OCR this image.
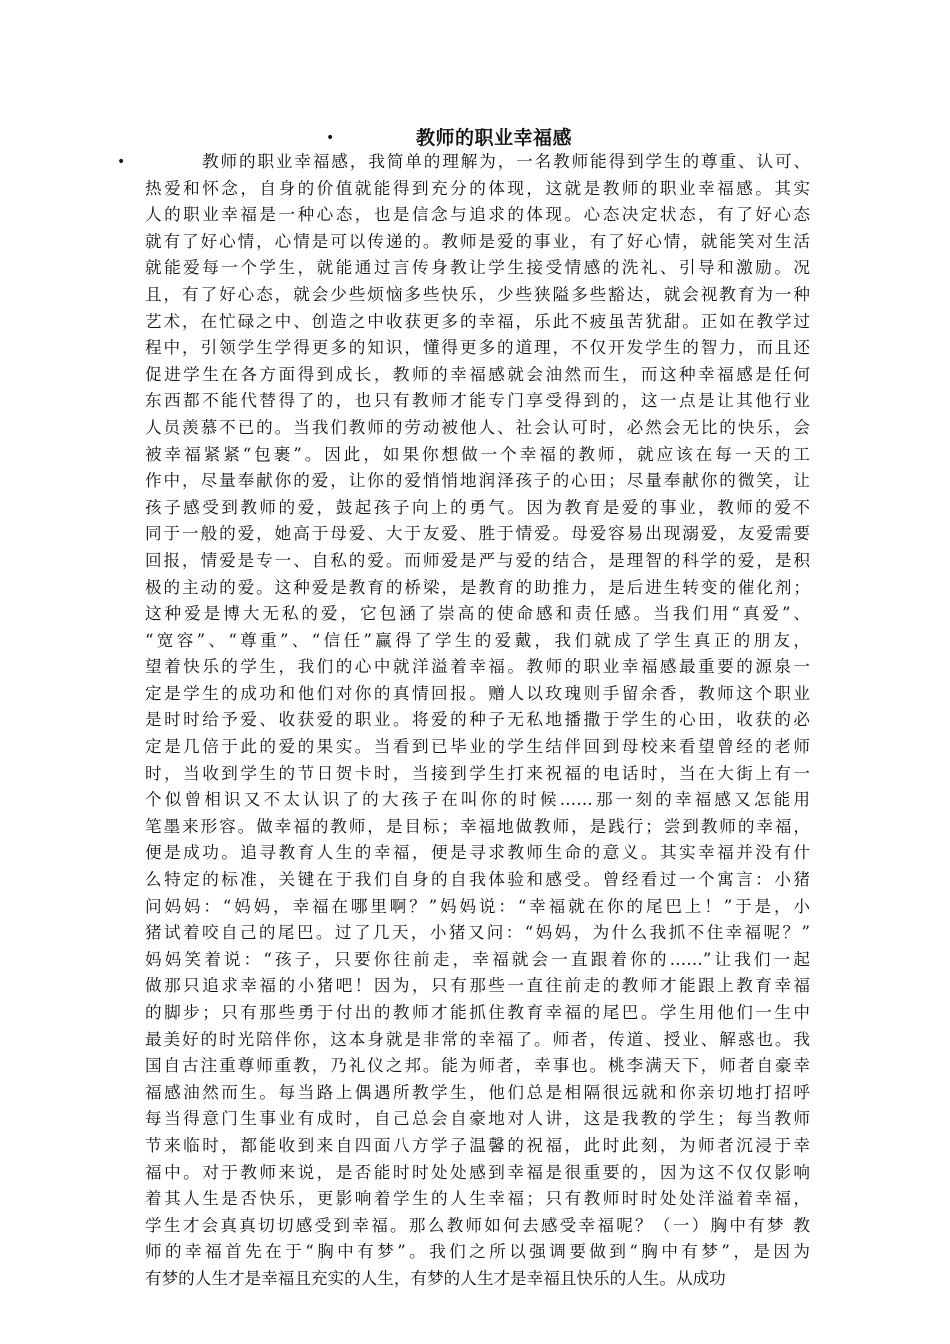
•	教师的职业幸福感
•	教师的职业幸福感，我简单的理解为，一名教师能得到学生的尊重、认可、
热爱和怀念，自身的价值就能得到充分的体现，这就是教师的职业幸福感。其实
人的职业幸福是一种心态，也是信念与追求的体现。心态决定状态，有了好心态
就有了好心情，心情是可以传递的。教师是爱的事业，有了好心情，就能笑对生活
就能爱每一个学生，就能通过言传身教让学生接受情感的洗礼、引导和激励。况
且，有了好心态，就会少些烦恼多些快乐，少些狭隘多些豁达，就会视教育为一种
艺术，在忙碌之中、创造之中收获更多的幸福，乐此不疲虽苦犹甜。正如在教学过
程中，引领学生学得更多的知识，懂得更多的道理，不仅开发学生的智力，而且还
促进学生在各方面得到成长，教师的幸福感就会油然而生，而这种幸福感是任何
东西都不能代替得了的，也只有教师才能专门享受得到的，这一点是让其他行业
人员羡慕不已的。当我们教师的劳动被他人、社会认可时，必然会无比的快乐，会
被幸福紧紧“包裹”。因此，如果你想做一个幸福的教师，就应该在每一天的工
作中，尽量奉献你的爱，让你的爱悄悄地润泽孩子的心田；尽量奉献你的微笑，让
孩子感受到教师的爱，鼓起孩子向上的勇气。因为教育是爱的事业，教师的爱不
同于一般的爱，她高于母爱、大于友爱、胜于情爱。母爱容易出现溺爱，友爱需要
回报，情爱是专一、自私的爱。而师爱是严与爱的结合，是理智的科学的爱，是积
极的主动的爱。这种爱是教育的桥梁，是教育的助推力，是后进生转变的催化剂；
这种爱是博大无私的爱，它包涵了崇高的使命感和责任感。当我们用“真爱”、
“宽容”、“尊重”、“信任”赢得了学生的爱戴，我们就成了学生真正的朋友，
望着快乐的学生，我们的心中就洋溢着幸福。教师的职业幸福感最重要的源泉一
定是学生的成功和他们对你的真情回报。赠人以玫瑰则手留余香，教师这个职业
是时时给予爱、收获爱的职业。将爱的种子无私地播撒于学生的心田，收获的必
定是几倍于此的爱的果实。当看到已毕业的学生结伴回到母校来看望曾经的老师
时，当收到学生的节日贺卡时，当接到学生打来祝福的电话时，当在大街上有一
个似曾相识又不太认识了的大孩子在叫你的时候……那一刻的幸福感又怎能用
笔墨来形容。做幸福的教师，是目标；幸福地做教师，是践行；尝到教师的幸福，
便是成功。追寻教育人生的幸福，便是寻求教师生命的意义。其实幸福并没有什
么特定的标准，关键在于我们自身的自我体验和感受。曾经看过一个寓言：小猪
问妈妈：“妈妈，幸福在哪里啊？”妈妈说：“幸福就在你的尾巴上！”于是，小
猪试着咬自己的尾巴。过了几天，小猪又问：“妈妈，为什么我抓不住幸福呢？”
妈妈笑着说：“孩子，只要你往前走，幸福就会一直跟着你的……”让我们一起
做那只追求幸福的小猪吧！因为，只有那些一直往前走的教师才能跟上教育幸福
的脚步；只有那些勇于付出的教师才能抓住教育幸福的尾巴。学生用他们一生中
最美好的时光陪伴你，这本身就是非常的幸福了。师者，传道、授业、解惑也。我
国自古注重尊师重教，乃礼仪之邦。能为师者，幸事也。桃李满天下，师者自豪幸
福感油然而生。每当路上偶遇所教学生，他们总是相隔很远就和你亲切地打招呼
每当得意门生事业有成时，自己总会自豪地对人讲，这是我教的学生；每当教师
节来临时，都能收到来自四面八方学子温馨的祝福，此时此刻，为师者沉浸于幸
福中。对于教师来说，是否能时时处处感到幸福是很重要的，因为这不仅仅影响
着其人生是否快乐，更影响着学生的人生幸福；只有教师时时处处洋溢着幸福，
学生才会真真切切感受到幸福。那么教师如何去感受幸福呢？（一）胸中有梦 教
师的幸福首先在于“胸中有梦”。我们之所以强调要做到“胸中有梦”，是因为
有梦的人生才是幸福且充实的人生，有梦的人生才是幸福且快乐的人生。从成功
